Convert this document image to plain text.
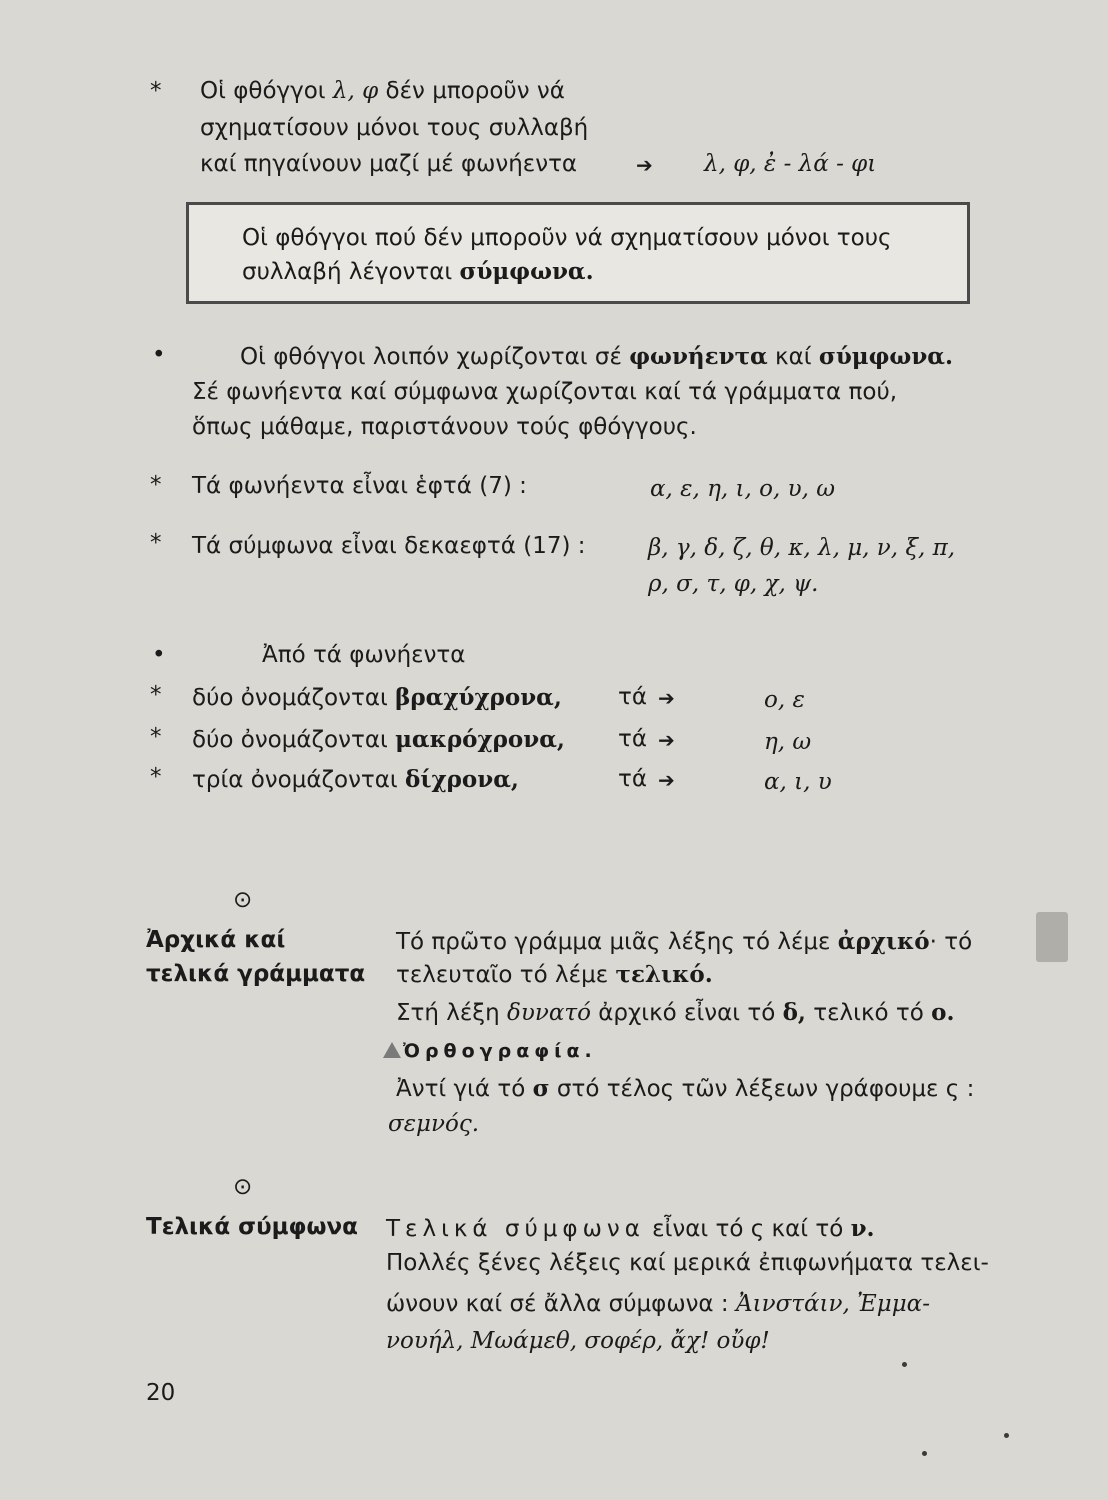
* Οἱ φθόγγοι λ, φ δέν μποροῦν νά
σχηματίσουν μόνοι τους συλλαβή
καί πηγαίνουν μαζί μέ φωνήεντα	➔ λ, φ, ἐ - λά - φι
Οἱ φθόγγοι πού δέν μποροῦν νά σχηματίσουν μόνοι τους
συλλαβή λέγονται σύμφωνα.
•	Οἱ φθόγγοι λοιπόν χωρίζονται σέ φωνήεντα καί σύμφωνα.
Σέ φωνήεντα καί σύμφωνα χωρίζονται καί τά γράμματα πού,
ὅπως μάθαμε, παριστάνουν τούς φθόγγους.
* Τά φωνήεντα εἶναι ἑφτά (7) :	α, ε, η, ι, ο, υ, ω
* Τά σύμφωνα εἶναι δεκαεφτά (17) :	β, γ, δ, ζ, θ, κ, λ, μ, ν, ξ, π,
ρ, σ, τ, φ, χ, ψ.
•	Ἀπό τά φωνήεντα
* δύο ὀνομάζονται βραχύχρονα, τά ➔	ο, ε
* δύο ὀνομάζονται μακρόχρονα, τά ➔	η, ω
* τρία ὀνομάζονται δίχρονα,	τά ➔	α, ι, υ
⊙
Ἀρχικά καί
τελικά γράμματα
Τό πρῶτο γράμμα μιᾶς λέξης τό λέμε ἀρχικό· τό
τελευταῖο τό λέμε τελικό.
Στή λέξη δυνατό ἀρχικό εἶναι τό δ, τελικό τό ο.
Ὀρθογραφία.
Ἀντί γιά τό σ στό τέλος τῶν λέξεων γράφουμε ς :
σεμνός.
⊙
Τελικά σύμφωνα Τελικά σύμφωνα εἶναι τό ς καί τό ν.
Πολλές ξένες λέξεις καί μερικά ἐπιφωνήματα τελει-
ώνουν καί σέ ἄλλα σύμφωνα : Ἀινστάιν, Ἐμμα-
νουήλ, Μωάμεθ, σοφέρ, ἄχ! οὔφ!
20
